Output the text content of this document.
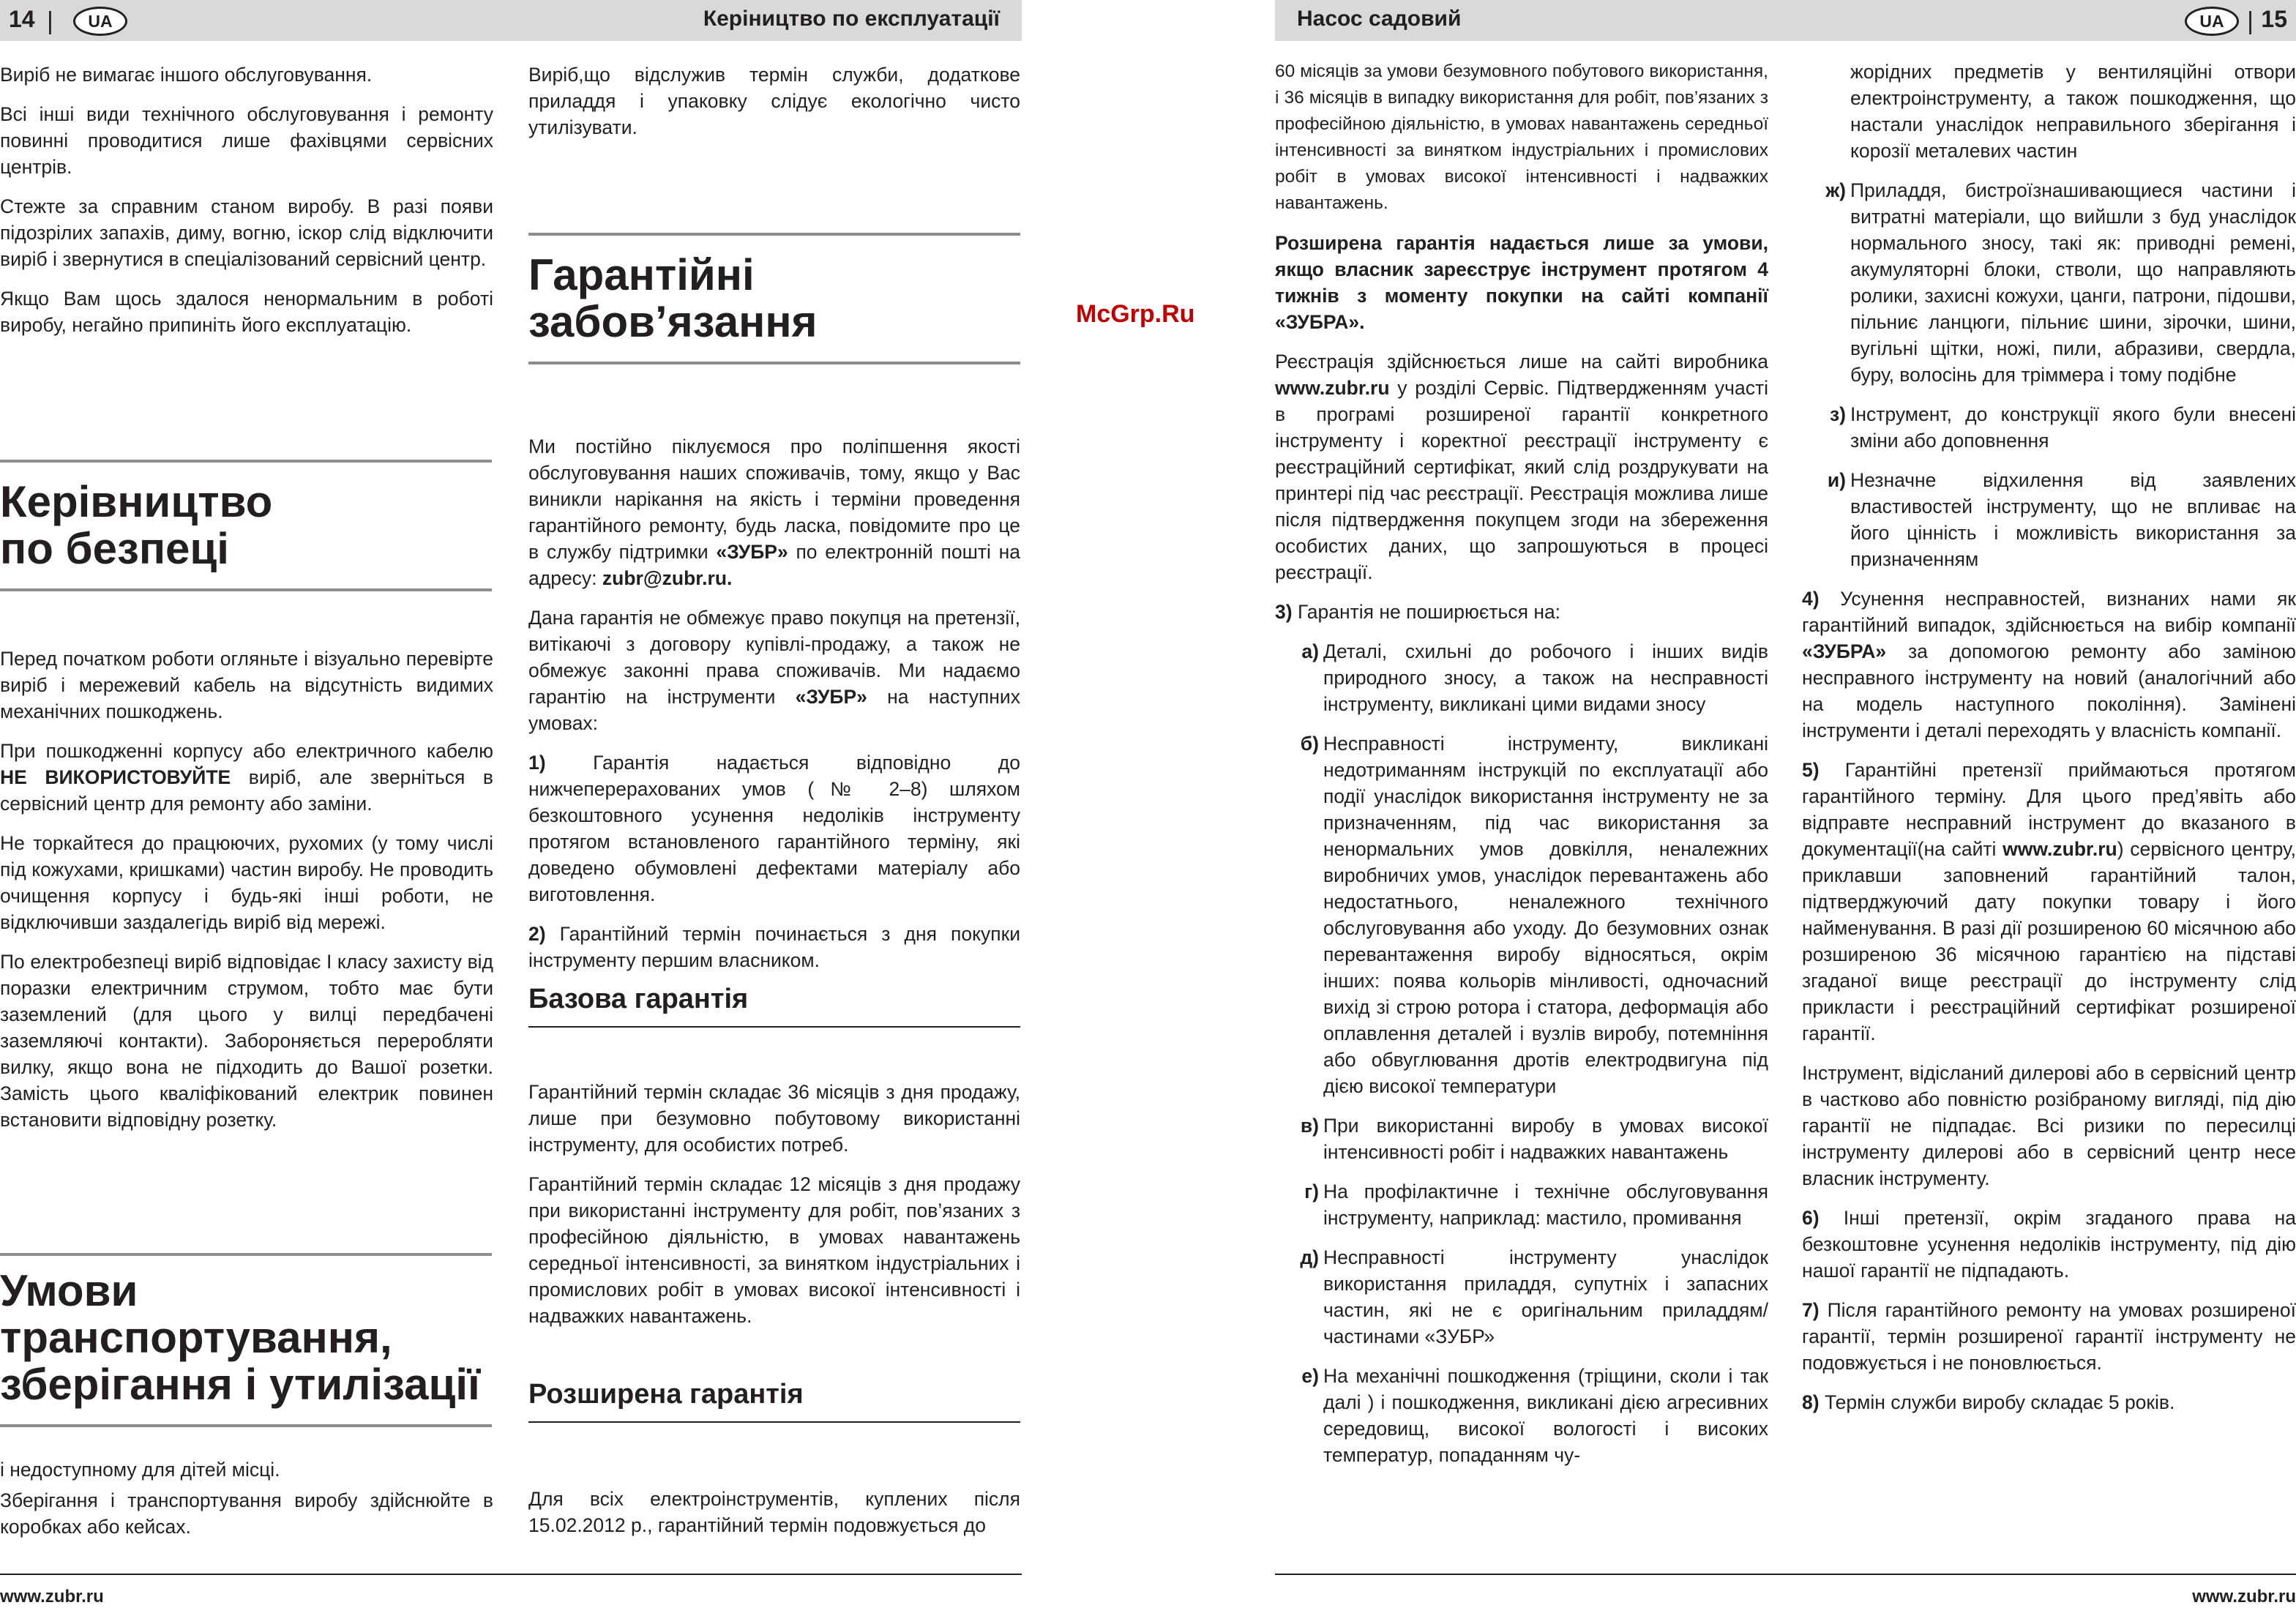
14 |	UA	Керіництво по експлуатації	Насос садовий	UA | 15

Виріб не вимагає іншого обслуговування.

Всі інші види технічного обслуговування і ремонту повинні проводитися лише фахівцями сервісних центрів.

Стежте за справним станом виробу. В разі появи підозрілих запахів, диму, вогню, іскор слід відключити виріб і звернутися в спеціалізований сервісний центр.

Якщо Вам щось здалося ненормальним в роботі виробу, негайно припиніть його експлуатацію.

Керівництво
по безпеці

Перед початком роботи огляньте і візуально перевірте виріб і мережевий кабель на відсутність видимих механічних пошкоджень.

При пошкодженні корпусу або електричного кабелю НЕ ВИКОРИСТОВУЙТЕ виріб, але зверніться в сервісний центр для ремонту або заміни.

Не торкайтеся до працюючих, рухомих (у тому числі під кожухами, кришками) частин виробу. Не проводить очищення корпусу і будь-які інші роботи, не відключивши заздалегідь виріб від мережі.

По електробезпеці виріб відповідає I класу захисту від поразки електричним струмом, тобто має бути заземлений (для цього у вилці передбачені заземляючі контакти). Забороняється переробляти вилку, якщо вона не підходить до Вашої розетки. Замість цього кваліфікований електрик повинен встановити відповідну розетку.

Умови
транспортування,
зберігання і утилізації

і недоступному для дітей місці.

Зберігання і транспортування виробу здійснюйте в коробках або кейсах.

Виріб,що відслужив термін служби, додаткове приладдя і упаковку слідує екологічно чисто утилізувати.

Гарантійні
забов’язання

Ми постійно піклуємося про поліпшення якості обслуговування наших споживачів, тому, якщо у Вас виникли нарікання на якість і терміни проведення гарантійного ремонту, будь ласка, повідомите про це в службу підтримки «ЗУБР» по електронній пошті на адресу: zubr@zubr.ru.

Дана гарантія не обмежує право покупця на претензії, витікаючі з договору купівлі-продажу, а також не обмежує законні права споживачів. Ми надаємо гарантію на інструменти «ЗУБР» на наступних умовах:

1) Гарантія надається відповідно до нижчеперерахованих умов (№ 2–8) шляхом безкоштовного усунення недоліків інструменту протягом встановленого гарантійного терміну, які доведено обумовлені дефектами матеріалу або виготовлення.

2) Гарантійний термін починається з дня покупки інструменту першим власником.

Базова гарантія

Гарантійний термін складає 36 місяців з дня продажу, лише при безумовно побутовому використанні інструменту, для особистих потреб.

Гарантійний термін складає 12 місяців з дня продажу при використанні інструменту для робіт, пов’язаних з професійною діяльністю, в умовах навантажень середньої інтенсивності, за винятком індустріальних і промислових робіт в умовах високої інтенсивності і надважких навантажень.

Розширена гарантія

Для всіх електроінструментів, куплених після 15.02.2012 р., гарантійний термін подовжується до

60 місяців за умови безумовного побутового використання, і 36 місяців в випадку використання для робіт, пов’язаних з професійною діяльністю, в умовах навантажень середньої інтенсивності за винятком індустріальних і промислових робіт в умовах високої інтенсивності і надважких навантажень.

Розширена гарантія надається лише за умови, якщо власник зареєструє інструмент протягом 4 тижнів з моменту покупки на сайті компанії «ЗУБРА».

Реєстрація здійснюється лише на сайті виробника www.zubr.ru у розділі Сервіс. Підтвердженням участі в програмі розширеної гарантії конкретного інструменту і коректної реєстрації інструменту є реєстраційний сертифікат, який слід роздрукувати на принтері під час реєстрації. Реєстрація можлива лише після підтвердження покупцем згоди на збереження особистих даних, що запрошуються в процесі реєстрації.

3) Гарантія не поширюється на:

а) Деталі, схильні до робочого і інших видів природного зносу, а також на несправності інструменту, викликані цими видами зносу
б) Несправності інструменту, викликані недотриманням інструкцій по експлуатації або події унаслідок використання інструменту не за призначенням, під час використання за ненормальних умов довкілля, неналежних виробничих умов, унаслідок перевантажень або недостатнього, неналежного технічного обслуговування або уходу. До безумовних ознак перевантаження виробу відносяться, окрім інших: поява кольорів мінливості, одночасний вихід зі строю ротора і статора, деформація або оплавлення деталей і вузлів виробу, потемніння або обвуглювання дротів електродвигуна під дією високої температури
в) При використанні виробу в умовах високої інтенсивності робіт і надважких навантажень
г) На профілактичне і технічне обслуговування інструменту, наприклад: мастило, промивання
д) Несправності інструменту унаслідок використання приладдя, супутніх і запасних частин, які не є оригінальним приладдям/частинами «ЗУБР»
е) На механічні пошкодження (тріщини, сколи і так далі ) і пошкодження, викликані дією агресивних середовищ, високої вологості і високих температур, попаданням чу-
жорідних предметів у вентиляційні отвори електроінструменту, а також пошкодження, що настали унаслідок неправильного зберігання і корозії металевих частин
ж) Приладдя, бистроїзнашивающиеся частини і витратні матеріали, що вийшли з буд унаслідок нормального зносу, такі як: приводні ремені, акумуляторні блоки, стволи, що направляють ролики, захисні кожухи, цанги, патрони, підошви, пільниє ланцюги, пільниє шини, зірочки, шини, вугільні щітки, ножі, пили, абразиви, свердла, буру, волосінь для тріммера і тому подібне
з) Інструмент, до конструкції якого були внесені зміни або доповнення
и) Незначне відхилення від заявлених властивостей інструменту, що не впливає на його цінність і можливість використання за призначенням

4) Усунення несправностей, визнаних нами як гарантійний випадок, здійснюється на вибір компанії «ЗУБРА» за допомогою ремонту або заміною несправного інструменту на новий (аналогічний або на модель наступного покоління). Замінені інструменти і деталі переходять у власність компанії.

5) Гарантійні претензії приймаються протягом гарантійного терміну. Для цього пред’явіть або відправте несправний інструмент до вказаного в документації(на сайті www.zubr.ru) сервісного центру, приклавши заповнений гарантійний талон, підтверджуючий дату покупки товару і його найменування. В разі дії розширеною 60 місячною або розширеною 36 місячною гарантією на підставі згаданої вище реєстрації до інструменту слід прикласти і реєстраційний сертифікат розширеної гарантії.

Інструмент, відісланий дилерові або в сервісний центр в частково або повністю розібраному вигляді, під дію гарантії не підпадає. Всі ризики по пересилці інструменту дилерові або в сервісний центр несе власник інструменту.

6) Інші претензії, окрім згаданого права на безкоштовне усунення недоліків інструменту, під дію нашої гарантії не підпадають.

7) Після гарантійного ремонту на умовах розширеної гарантії, термін розширеної гарантії інструменту не подовжується і не поновлюється.

8) Термін служби виробу складає 5 років.

McGrp.Ru
www.zubr.ru	www.zubr.ru
